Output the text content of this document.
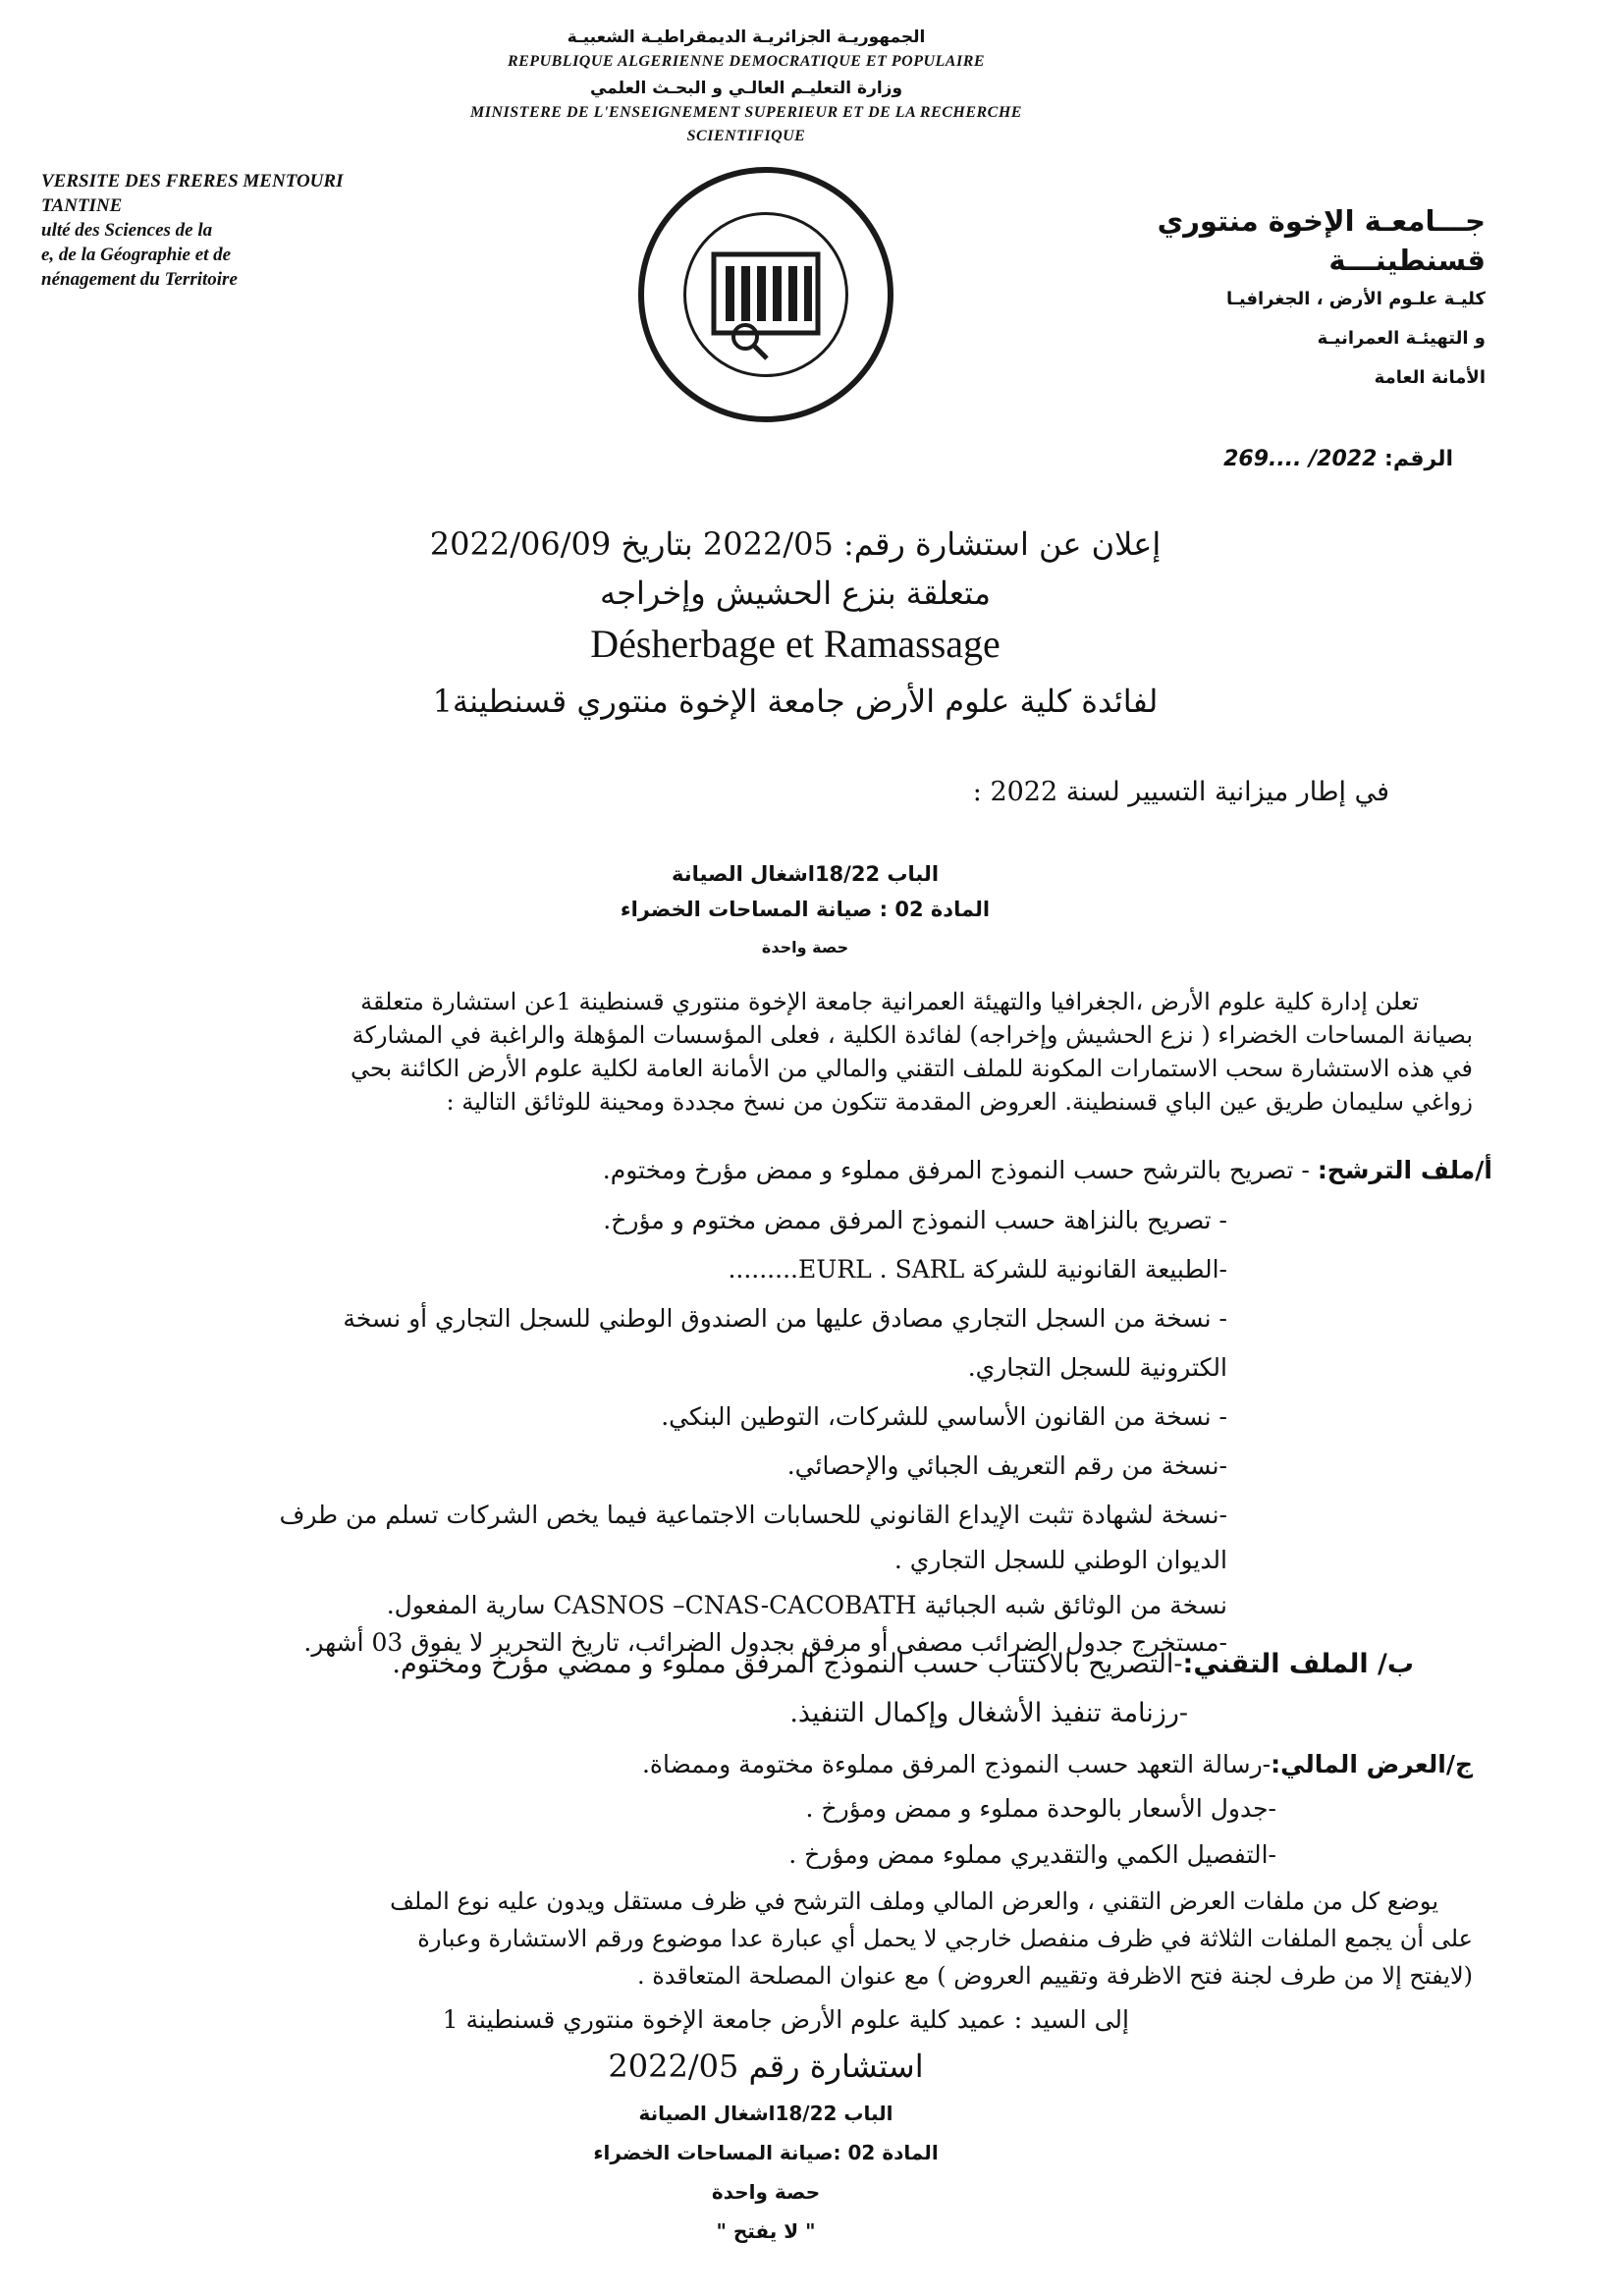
الجمهوريـة الجزائريـة الديمقراطيـة الشعبيـة
REPUBLIQUE ALGERIENNE DEMOCRATIQUE ET POPULAIRE
وزارة التعليـم العالـي و البحـث العلمي
MINISTERE DE L'ENSEIGNEMENT SUPERIEUR ET DE LA RECHERCHE
SCIENTIFIQUE
VERSITE DES FRERES MENTOURI
TANTINE
ulté des Sciences de la
e, de la Géographie et de
nénagement du Territoire
جـــامعـة الإخوة منتوري
قسنطينـــة
كليـة علـوم الأرض ، الجغرافيـا
و التهيئـة العمرانيـة
الأمانة العامة
الرقم: 2022/ ....269
إعلان عن استشارة رقم: 2022/05 بتاريخ 2022/06/09
متعلقة بنزع الحشيش وإخراجه
Désherbage et Ramassage
لفائدة كلية علوم الأرض جامعة الإخوة منتوري قسنطينة1
في إطار ميزانية التسيير لسنة 2022 :
الباب 18/22اشغال الصيانة
المادة 02 : صيانة المساحات الخضراء
حصة واحدة
تعلن إدارة كلية علوم الأرض ،الجغرافيا والتهيئة العمرانية جامعة الإخوة منتوري قسنطينة 1عن استشارة متعلقة
بصيانة المساحات الخضراء ( نزع الحشيش وإخراجه) لفائدة الكلية ، فعلى المؤسسات المؤهلة والراغبة في المشاركة
في هذه الاستشارة سحب الاستمارات المكونة للملف التقني والمالي من الأمانة العامة لكلية علوم الأرض الكائنة بحي
زواغي سليمان طريق عين الباي قسنطينة. العروض المقدمة تتكون من نسخ مجددة ومحينة للوثائق التالية :
أ/ملف الترشح: - تصريح بالترشح حسب النموذج المرفق مملوء و ممض مؤرخ ومختوم.
- تصريح بالنزاهة حسب النموذج المرفق ممض مختوم و مؤرخ.
-الطبيعة القانونية للشركة EURL . SARL.........
- نسخة من السجل التجاري مصادق عليها من الصندوق الوطني للسجل التجاري أو نسخة
الكترونية للسجل التجاري.
- نسخة من القانون الأساسي للشركات، التوطين البنكي.
-نسخة من رقم التعريف الجبائي والإحصائي.
-نسخة لشهادة تثبت الإيداع القانوني للحسابات الاجتماعية فيما يخص الشركات تسلم من طرف
الديوان الوطني للسجل التجاري .
نسخة من الوثائق شبه الجبائية CASNOS –CNAS-CACOBATH سارية المفعول.
-مستخرج جدول الضرائب مصفى أو مرفق بجدول الضرائب، تاريخ التحرير لا يفوق 03 أشهر.
ب/ الملف التقني:-التصريح بالاكتتاب حسب النموذج المرفق مملوء و ممضي مؤرخ ومختوم.
-رزنامة تنفيذ الأشغال وإكمال التنفيذ.
ج/العرض المالي:-رسالة التعهد حسب النموذج المرفق مملوءة مختومة وممضاة.
-جدول الأسعار بالوحدة مملوء و ممض ومؤرخ .
-التفصيل الكمي والتقديري مملوء ممض ومؤرخ .
يوضع كل من ملفات العرض التقني ، والعرض المالي وملف الترشح في ظرف مستقل ويدون عليه نوع الملف
على أن يجمع الملفات الثلاثة في ظرف منفصل خارجي لا يحمل أي عبارة عدا موضوع ورقم الاستشارة وعبارة
(لايفتح إلا من طرف لجنة فتح الاظرفة وتقييم العروض ) مع عنوان المصلحة المتعاقدة .
إلى السيد : عميد كلية علوم الأرض جامعة الإخوة منتوري قسنطينة 1
استشارة رقم 2022/05
الباب 18/22اشغال الصيانة
المادة 02 :صيانة المساحات الخضراء
حصة واحدة
" لا يفتح "
